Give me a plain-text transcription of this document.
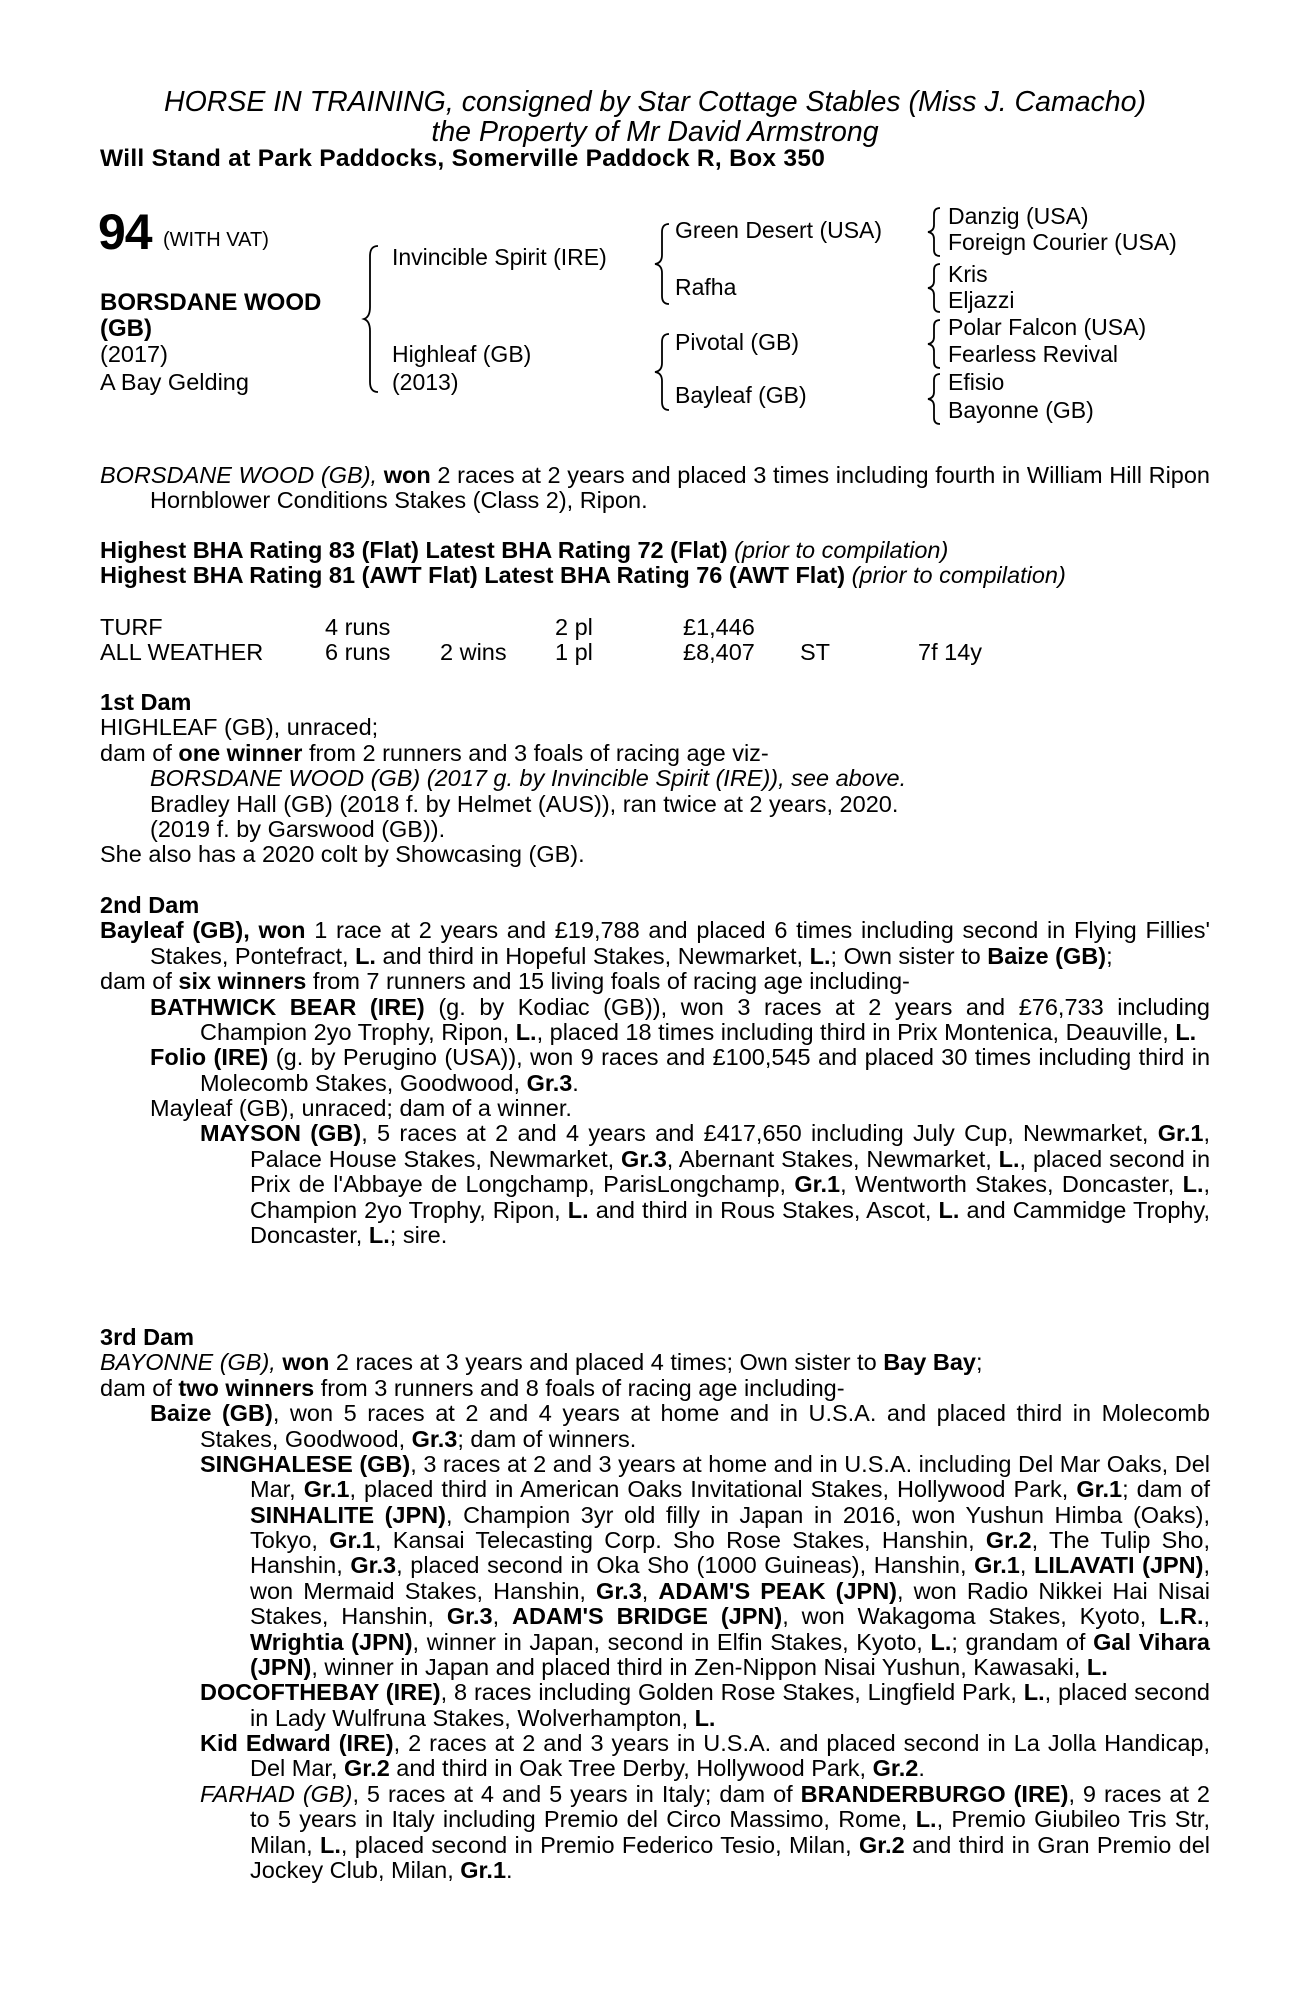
HORSE IN TRAINING, consigned by Star Cottage Stables (Miss J. Camacho)
the Property of Mr David Armstrong
Will Stand at Park Paddocks, Somerville Paddock R, Box 350
94 (WITH VAT)
BORSDANE WOOD (GB)
(2017)
A Bay Gelding
Invincible Spirit (IRE)
Highleaf (GB)
(2013)
Green Desert (USA)
Rafha
Pivotal (GB)
Bayleaf (GB)
Danzig (USA)
Foreign Courier (USA)
Kris
Eljazzi
Polar Falcon (USA)
Fearless Revival
Efisio
Bayonne (GB)

BORSDANE WOOD (GB), won 2 races at 2 years and placed 3 times including fourth in William Hill Ripon Hornblower Conditions Stakes (Class 2), Ripon.

Highest BHA Rating 83 (Flat) Latest BHA Rating 72 (Flat) (prior to compilation)

Highest BHA Rating 81 (AWT Flat) Latest BHA Rating 76 (AWT Flat) (prior to compilation)

TURF	4 runs	2 pl	£1,446
ALL WEATHER	6 runs 2 wins 1 pl	£8,407 ST	7f 14y

1st Dam

HIGHLEAF (GB), unraced;

dam of one winner from 2 runners and 3 foals of racing age viz-

BORSDANE WOOD (GB) (2017 g. by Invincible Spirit (IRE)), see above.

Bradley Hall (GB) (2018 f. by Helmet (AUS)), ran twice at 2 years, 2020.

(2019 f. by Garswood (GB)).

She also has a 2020 colt by Showcasing (GB).

2nd Dam

Bayleaf (GB), won 1 race at 2 years and £19,788 and placed 6 times including second in Flying Fillies' Stakes, Pontefract, L. and third in Hopeful Stakes, Newmarket, L.; Own sister to Baize (GB);

dam of six winners from 7 runners and 15 living foals of racing age including-

BATHWICK BEAR (IRE) (g. by Kodiac (GB)), won 3 races at 2 years and £76,733 including Champion 2yo Trophy, Ripon, L., placed 18 times including third in Prix Montenica, Deauville, L.

Folio (IRE) (g. by Perugino (USA)), won 9 races and £100,545 and placed 30 times including third in Molecomb Stakes, Goodwood, Gr.3.

Mayleaf (GB), unraced; dam of a winner.

MAYSON (GB), 5 races at 2 and 4 years and £417,650 including July Cup, Newmarket, Gr.1, Palace House Stakes, Newmarket, Gr.3, Abernant Stakes, Newmarket, L., placed second in Prix de l'Abbaye de Longchamp, ParisLongchamp, Gr.1, Wentworth Stakes, Doncaster, L., Champion 2yo Trophy, Ripon, L. and third in Rous Stakes, Ascot, L. and Cammidge Trophy, Doncaster, L.; sire.

3rd Dam

BAYONNE (GB), won 2 races at 3 years and placed 4 times; Own sister to Bay Bay;

dam of two winners from 3 runners and 8 foals of racing age including-

Baize (GB), won 5 races at 2 and 4 years at home and in U.S.A. and placed third in Molecomb Stakes, Goodwood, Gr.3; dam of winners.

SINGHALESE (GB), 3 races at 2 and 3 years at home and in U.S.A. including Del Mar Oaks, Del Mar, Gr.1, placed third in American Oaks Invitational Stakes, Hollywood Park, Gr.1; dam of SINHALITE (JPN), Champion 3yr old filly in Japan in 2016, won Yushun Himba (Oaks), Tokyo, Gr.1, Kansai Telecasting Corp. Sho Rose Stakes, Hanshin, Gr.2, The Tulip Sho, Hanshin, Gr.3, placed second in Oka Sho (1000 Guineas), Hanshin, Gr.1, LILAVATI (JPN), won Mermaid Stakes, Hanshin, Gr.3, ADAM'S PEAK (JPN), won Radio Nikkei Hai Nisai Stakes, Hanshin, Gr.3, ADAM'S BRIDGE (JPN), won Wakagoma Stakes, Kyoto, L.R., Wrightia (JPN), winner in Japan, second in Elfin Stakes, Kyoto, L.; grandam of Gal Vihara (JPN), winner in Japan and placed third in Zen-Nippon Nisai Yushun, Kawasaki, L.

DOCOFTHEBAY (IRE), 8 races including Golden Rose Stakes, Lingfield Park, L., placed second in Lady Wulfruna Stakes, Wolverhampton, L.

Kid Edward (IRE), 2 races at 2 and 3 years in U.S.A. and placed second in La Jolla Handicap, Del Mar, Gr.2 and third in Oak Tree Derby, Hollywood Park, Gr.2.

FARHAD (GB), 5 races at 4 and 5 years in Italy; dam of BRANDERBURGO (IRE), 9 races at 2 to 5 years in Italy including Premio del Circo Massimo, Rome, L., Premio Giubileo Tris Str, Milan, L., placed second in Premio Federico Tesio, Milan, Gr.2 and third in Gran Premio del Jockey Club, Milan, Gr.1.
